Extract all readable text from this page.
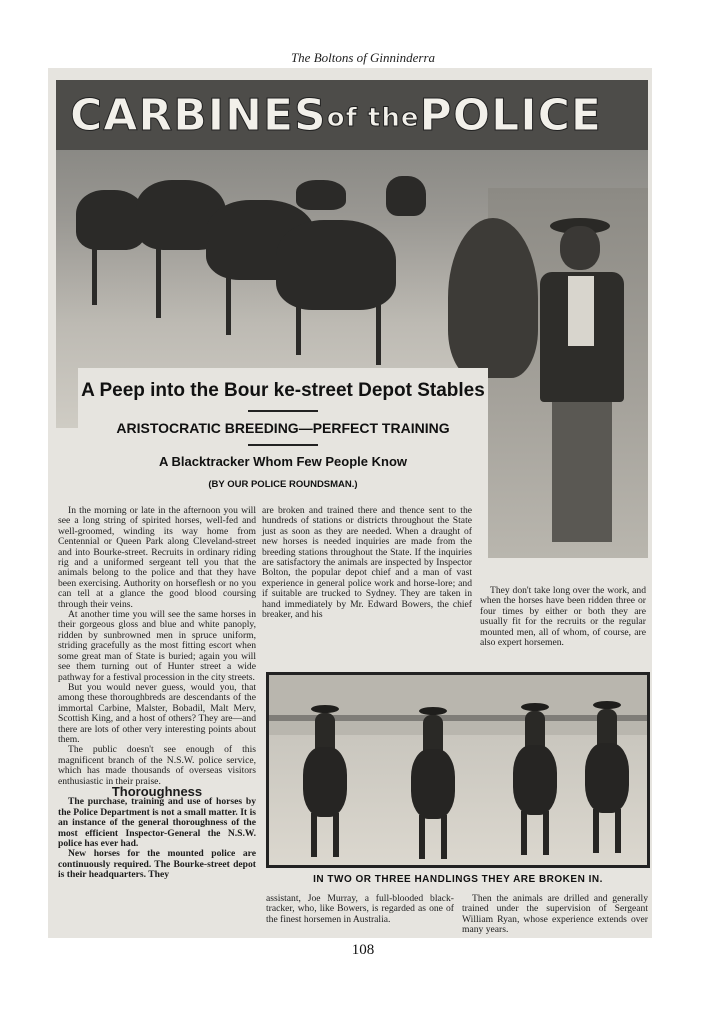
The Boltons of Ginninderra
CARBINESof thePOLICE
A Peep into the Bour ke-street Depot Stables
ARISTOCRATIC BREEDING—PERFECT TRAINING
A Blacktracker Whom Few People Know
(BY OUR POLICE ROUNDSMAN.)

In the morning or late in the afternoon you will see a long string of spirited horses, well-fed and well-groomed, winding its way home from Centennial or Queen Park along Cleveland-street and into Bourke-street. Recruits in ordinary riding rig and a uniformed sergeant tell you that the animals belong to the police and that they have been exercising. Authority on horseflesh or no you can tell at a glance the good blood coursing through their veins.

At another time you will see the same horses in their gorgeous gloss and blue and white panoply, ridden by sunbrowned men in spruce uniform, striding gracefully as the most fitting escort when some great man of State is buried; again you will see them turning out of Hunter street a wide pathway for a festival procession in the city streets.

But you would never guess, would you, that among these thoroughbreds are descendants of the immortal Carbine, Malster, Bobadil, Malt Merv, Scottish King, and a host of others? They are—and there are lots of other very interesting points about them.

The public doesn't see enough of this magnificent branch of the N.S.W. police service, which has made thousands of overseas visitors enthusiastic in their praise.

Thoroughness

The purchase, training and use of horses by the Police Department is not a small matter. It is an instance of the general thoroughness of the most efficient Inspector-General the N.S.W. police has ever had.

New horses for the mounted police are continuously required. The Bourke-street depot is their headquarters. They

are broken and trained there and thence sent to the hundreds of stations or districts throughout the State just as soon as they are needed. When a draught of new horses is needed inquiries are made from the breeding stations throughout the State. If the inquiries are satisfactory the animals are inspected by Inspector Bolton, the popular depot chief and a man of vast experience in general police work and horse-lore; and if suitable are trucked to Sydney. They are taken in hand immediately by Mr. Edward Bowers, the chief breaker, and his

They don't take long over the work, and when the horses have been ridden three or four times by either or both they are usually fit for the recruits or the regular mounted men, all of whom, of course, are also expert horsemen.

IN TWO OR THREE HANDLINGS THEY ARE BROKEN IN.

assistant, Joe Murray, a full-blooded black-tracker, who, like Bowers, is regarded as one of the finest horsemen in Australia.

Then the animals are drilled and generally trained under the supervision of Sergeant William Ryan, whose experience extends over many years.

108
